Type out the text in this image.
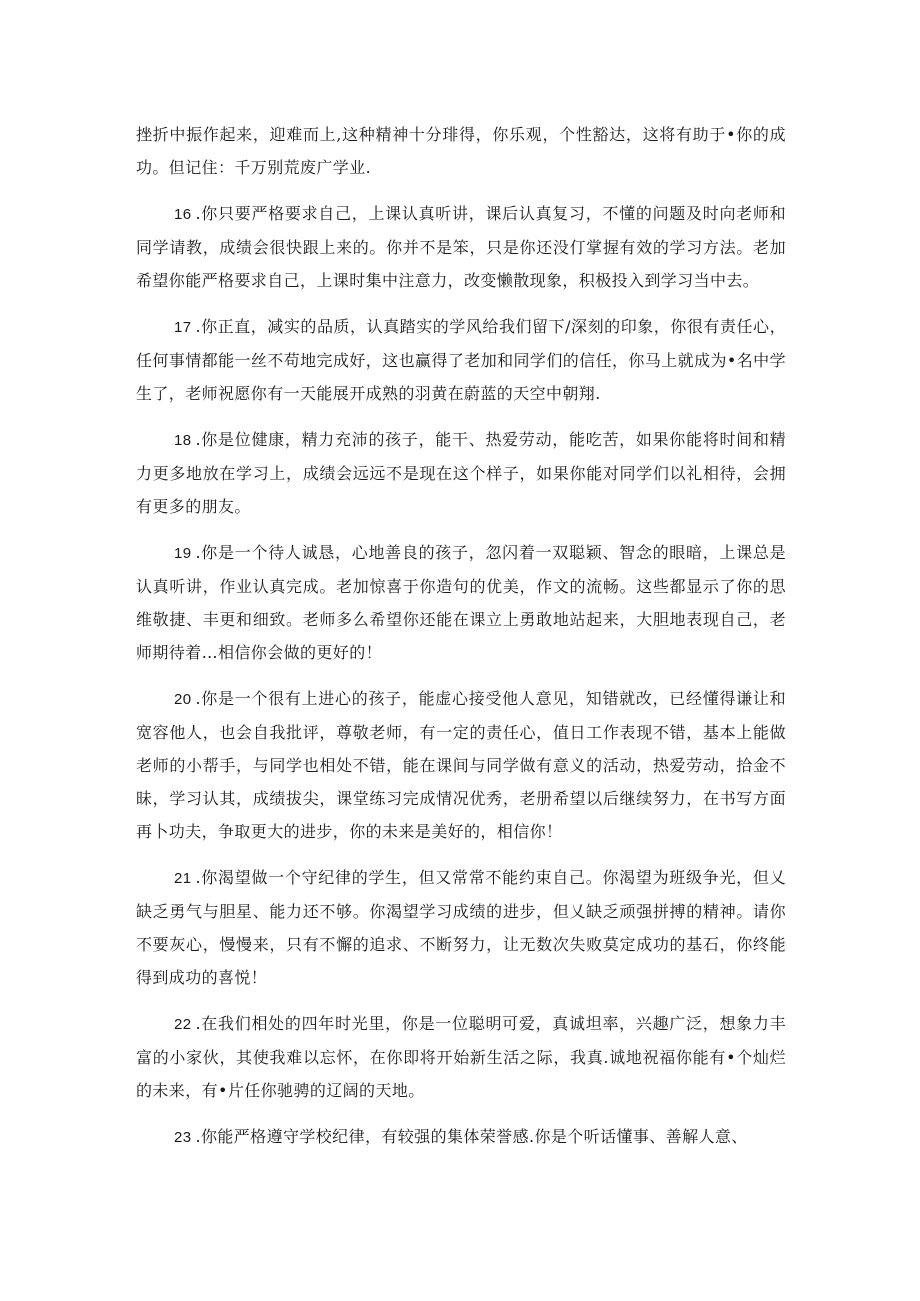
挫折中振作起来，迎难而上,这种精神十分琲得，你乐观，个性豁达，这将有助于•你的成功。但记住：千万别荒废广学业.

16 .你只要严格要求自己，上课认真听讲，课后认真复习，不懂的问题及时向老师和同学请教，成绩会很快跟上来的。你并不是笨，只是你还没仃掌握有效的学习方法。老加希望你能严格要求自己，上课时集中注意力，改变懒散现象，积极投入到学习当中去。

17 .你正直，减实的品质，认真踏实的学风给我们留下/深刻的印象，你很有责任心，任何事情都能一丝不苟地完成好，这也赢得了老加和同学们的信任，你马上就成为•名中学生了，老师祝愿你有一天能展开成熟的羽黄在蔚蓝的天空中朝翔.

18 .你是位健康，精力充沛的孩子，能干、热爱劳动，能吃苦，如果你能将时间和精力更多地放在学习上，成绩会远远不是现在这个样子，如果你能对同学们以礼相待，会拥有更多的朋友。

19 .你是一个待人诚恳，心地善良的孩子，忽闪着一双聪颖、智念的眼暗，上课总是认真听讲，作业认真完成。老加惊喜于你造句的优美，作文的流畅。这些都显示了你的思维敬捷、丰更和细致。老师多么希望你还能在课立上勇敢地站起来，大胆地表现自己，老师期待着…相信你会做的更好的！

20 .你是一个很有上进心的孩子，能虚心接受他人意见，知错就改，已经懂得谦让和宽容他人，也会自我批评，尊敬老师，有一定的责任心，值日工作表现不错，基本上能做老师的小帮手，与同学也相处不错，能在课间与同学做有意义的活动，热爱劳动，拾金不昧，学习认其，成绩拔尖，课堂练习完成情况优秀，老册希望以后继续努力，在书写方面再卜功夫，争取更大的进步，你的未来是美好的，相信你！

21 .你渴望做一个守纪律的学生，但又常常不能约束自己。你渴望为班级争光，但乂缺乏勇气与胆星、能力还不够。你渴望学习成绩的进步，但乂缺乏顽强拼搏的精神。请你不要灰心，慢慢来，只有不懈的追求、不断努力，让无数次失败莫定成功的基石，你终能得到成功的喜悦！

22 .在我们相处的四年时光里，你是一位聪明可爱，真诚坦率，兴趣广泛，想象力丰富的小家伙，其使我难以忘怀，在你即将开始新生活之际，我真.诚地祝福你能有•个灿烂的未来，有•片任你驰骋的辽阔的天地。

23 .你能严格遵守学校纪律，有较强的集体荣誉感.你是个听话懂事、善解人意、
